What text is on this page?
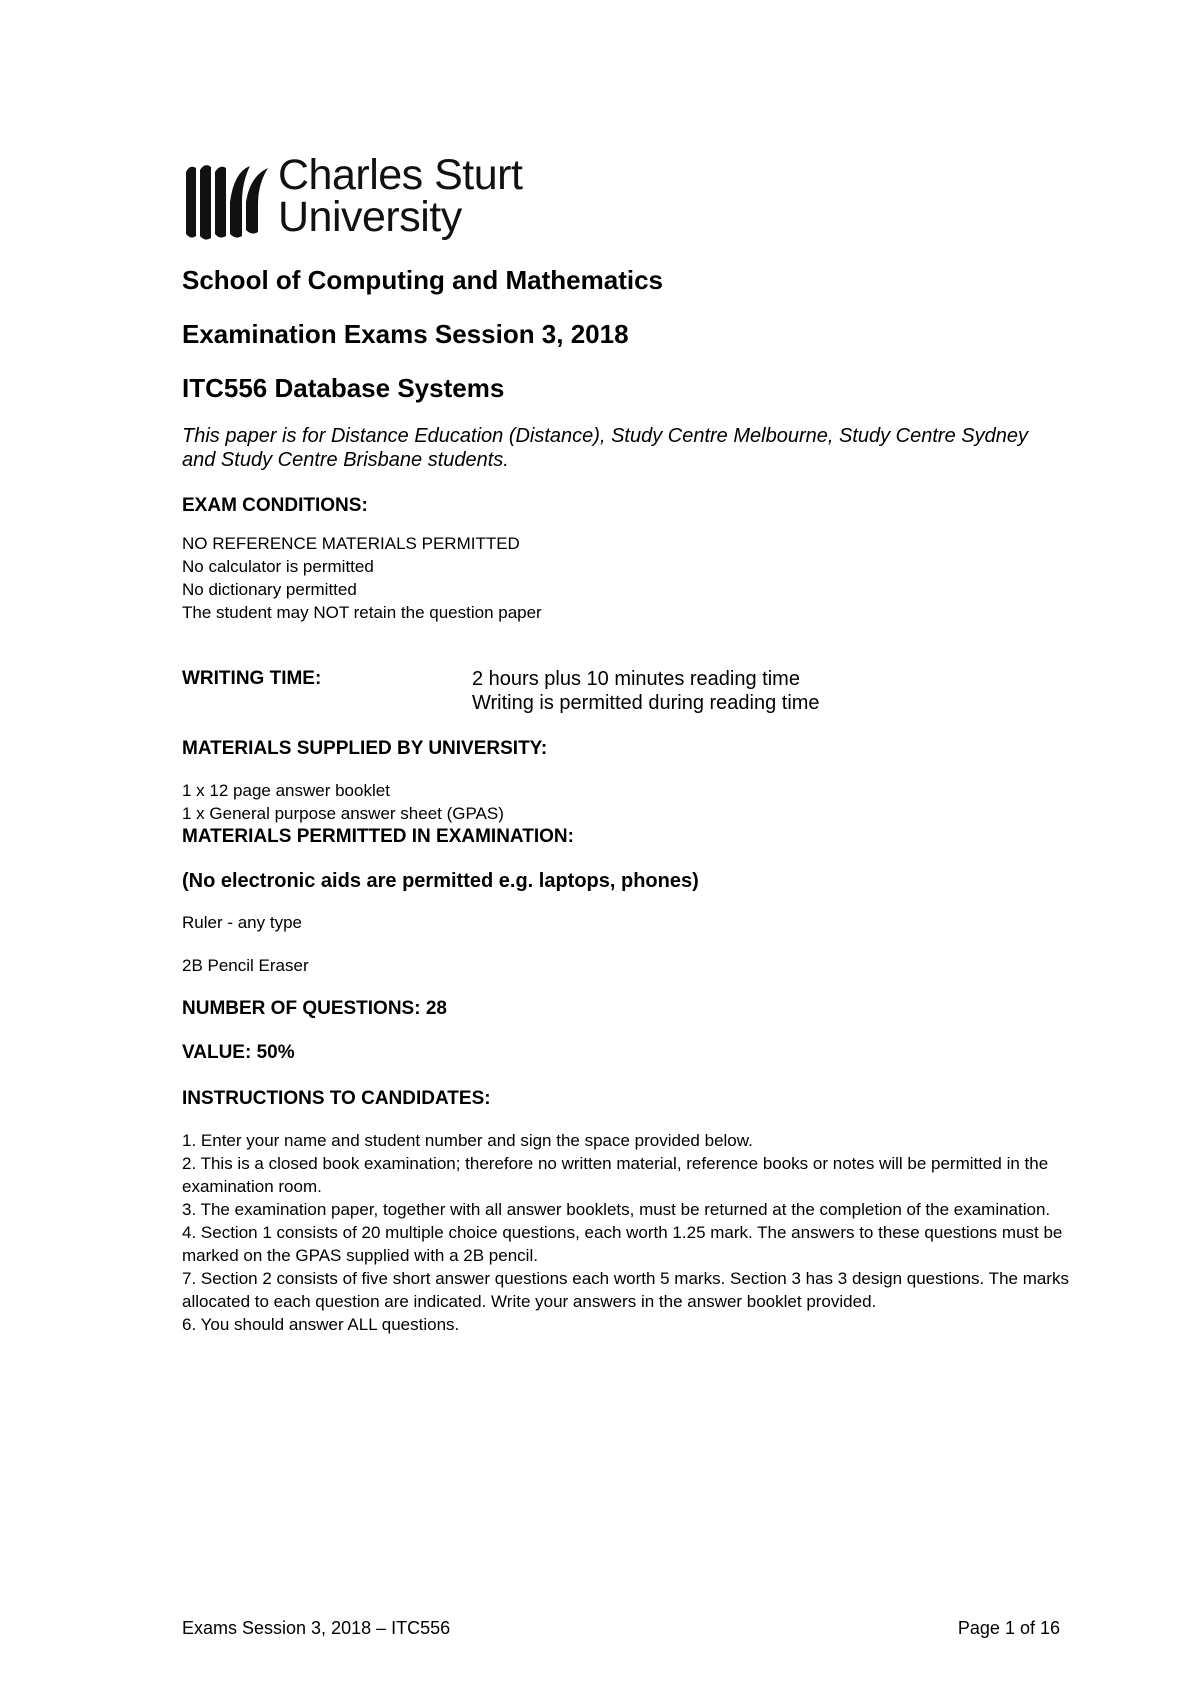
Charles Sturt
University
School of Computing and Mathematics
Examination Exams Session 3, 2018
ITC556 Database Systems
This paper is for Distance Education (Distance), Study Centre Melbourne, Study Centre Sydney and Study Centre Brisbane students.
EXAM CONDITIONS:
NO REFERENCE MATERIALS PERMITTED
No calculator is permitted
No dictionary permitted
The student may NOT retain the question paper
WRITING TIME:	2 hours plus 10 minutes reading time
Writing is permitted during reading time
MATERIALS SUPPLIED BY UNIVERSITY:
1 x 12 page answer booklet
1 x General purpose answer sheet (GPAS)
MATERIALS PERMITTED IN EXAMINATION:
(No electronic aids are permitted e.g. laptops, phones)
Ruler - any type
2B Pencil Eraser
NUMBER OF QUESTIONS: 28
VALUE: 50%
INSTRUCTIONS TO CANDIDATES:
1. Enter your name and student number and sign the space provided below.
2. This is a closed book examination; therefore no written material, reference books or notes will be permitted in the examination room.
3. The examination paper, together with all answer booklets, must be returned at the completion of the examination.
4. Section 1 consists of 20 multiple choice questions, each worth 1.25 mark. The answers to these questions must be marked on the GPAS supplied with a 2B pencil.
7. Section 2 consists of five short answer questions each worth 5 marks. Section 3 has 3 design questions. The marks allocated to each question are indicated. Write your answers in the answer booklet provided.
6. You should answer ALL questions.
Exams Session 3, 2018 – ITC556	Page 1 of 16
